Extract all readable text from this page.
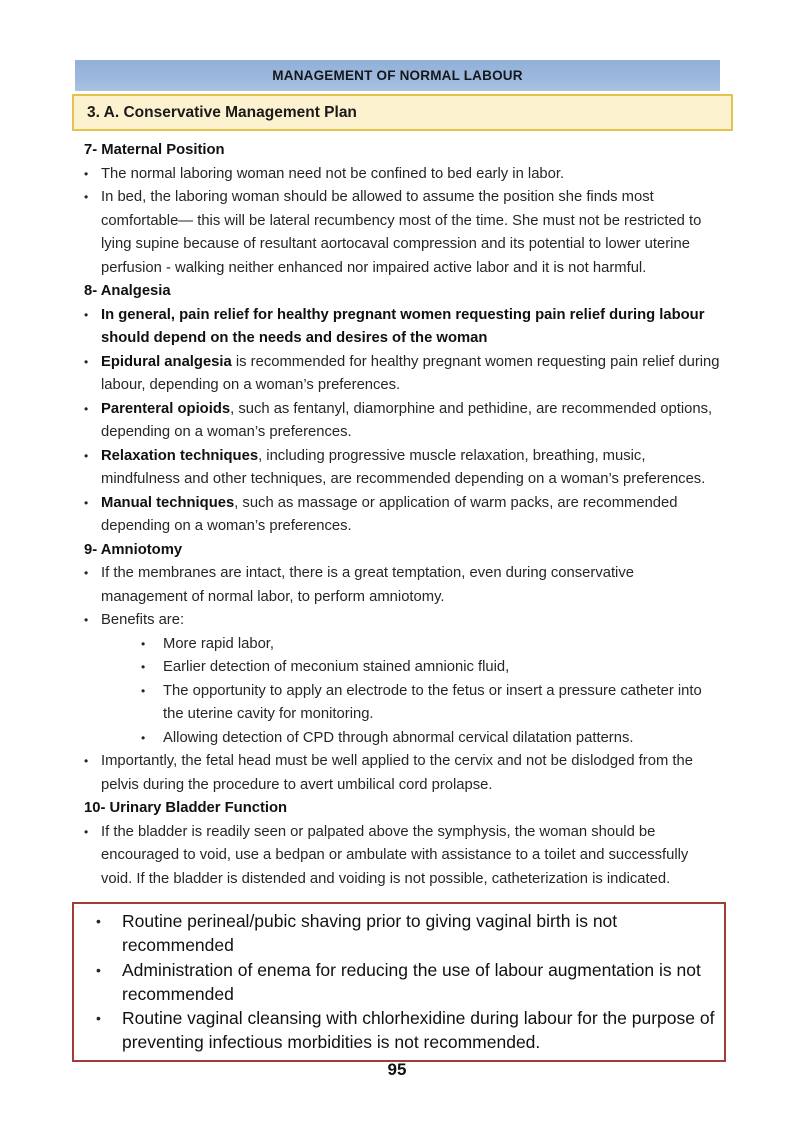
MANAGEMENT OF NORMAL LABOUR
3. A. Conservative Management Plan
7- Maternal Position
• The normal laboring woman need not be confined to bed early in labor.
• In bed, the laboring woman should be allowed to assume the position she finds most comfortable— this will be lateral recumbency most of the time. She must not be restricted to lying supine because of resultant aortocaval compression and its potential to lower uterine perfusion - walking neither enhanced nor impaired active labor and it is not harmful.
8- Analgesia
• In general, pain relief for healthy pregnant women requesting pain relief during labour should depend on the needs and desires of the woman
• Epidural analgesia is recommended for healthy pregnant women requesting pain relief during labour, depending on a woman’s preferences.
• Parenteral opioids, such as fentanyl, diamorphine and pethidine, are recommended options, depending on a woman’s preferences.
• Relaxation techniques, including progressive muscle relaxation, breathing, music, mindfulness and other techniques, are recommended depending on a woman’s preferences.
• Manual techniques, such as massage or application of warm packs, are recommended depending on a woman’s preferences.
9- Amniotomy
• If the membranes are intact, there is a great temptation, even during conservative management of normal labor, to perform amniotomy.
• Benefits are:
•	More rapid labor,
•	Earlier detection of meconium stained amnionic fluid,
•	The opportunity to apply an electrode to the fetus or insert a pressure catheter into the uterine cavity for monitoring.
•	Allowing detection of CPD through abnormal cervical dilatation patterns.
• Importantly, the fetal head must be well applied to the cervix and not be dislodged from the pelvis during the procedure to avert umbilical cord prolapse.
10- Urinary Bladder Function
• If the bladder is readily seen or palpated above the symphysis, the woman should be encouraged to void, use a bedpan or ambulate with assistance to a toilet and successfully void. If the bladder is distended and voiding is not possible, catheterization is indicated.
•	Routine perineal/pubic shaving prior to giving vaginal birth is not recommended
•	Administration of enema for reducing the use of labour augmentation is not recommended
•	Routine vaginal cleansing with chlorhexidine during labour for the purpose of preventing infectious morbidities is not recommended.
95
